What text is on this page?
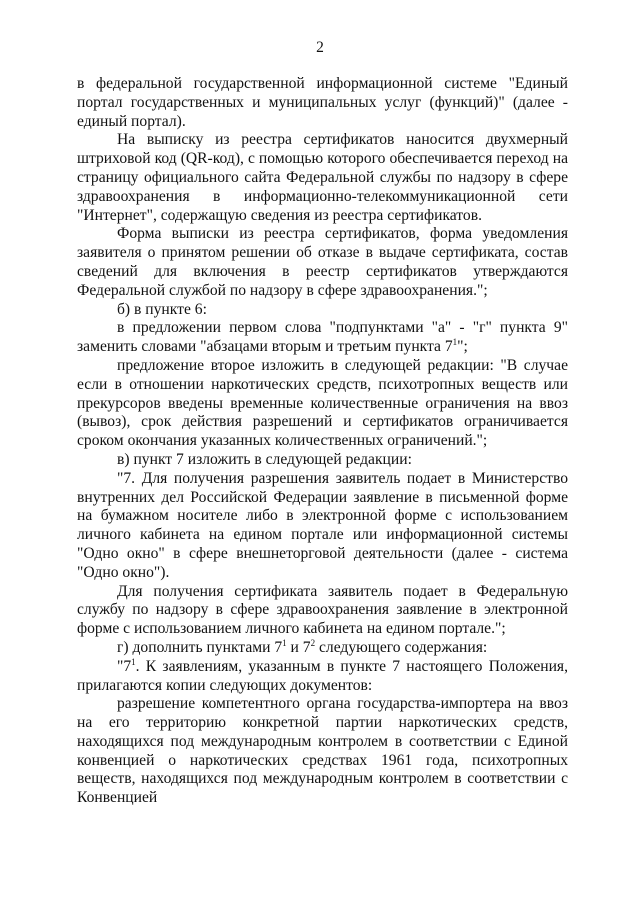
2

в федеральной государственной информационной системе "Единый портал государственных и муниципальных услуг (функций)" (далее - единый портал).

На выписку из реестра сертификатов наносится двухмерный штриховой код (QR-код), с помощью которого обеспечивается переход на страницу официального сайта Федеральной службы по надзору в сфере здравоохранения в информационно-телекоммуникационной сети "Интернет", содержащую сведения из реестра сертификатов.

Форма выписки из реестра сертификатов, форма уведомления заявителя о принятом решении об отказе в выдаче сертификата, состав сведений для включения в реестр сертификатов утверждаются Федеральной службой по надзору в сфере здравоохранения.";

б) в пункте 6:

в предложении первом слова "подпунктами "а" - "г" пункта 9" заменить словами "абзацами вторым и третьим пункта $7^1$";

предложение второе изложить в следующей редакции: "В случае если в отношении наркотических средств, психотропных веществ или прекурсоров введены временные количественные ограничения на ввоз (вывоз), срок действия разрешений и сертификатов ограничивается сроком окончания указанных количественных ограничений.";

в) пункт 7 изложить в следующей редакции:

"7. Для получения разрешения заявитель подает в Министерство внутренних дел Российской Федерации заявление в письменной форме на бумажном носителе либо в электронной форме с использованием личного кабинета на едином портале или информационной системы "Одно окно" в сфере внешнеторговой деятельности (далее - система "Одно окно").

Для получения сертификата заявитель подает в Федеральную службу по надзору в сфере здравоохранения заявление в электронной форме с использованием личного кабинета на едином портале.";

г) дополнить пунктами $7^1$ и $7^2$ следующего содержания:

"$7^1$. К заявлениям, указанным в пункте 7 настоящего Положения, прилагаются копии следующих документов:

разрешение компетентного органа государства-импортера на ввоз на его территорию конкретной партии наркотических средств, находящихся под международным контролем в соответствии с Единой конвенцией о наркотических средствах 1961 года, психотропных веществ, находящихся под международным контролем в соответствии с Конвенцией
